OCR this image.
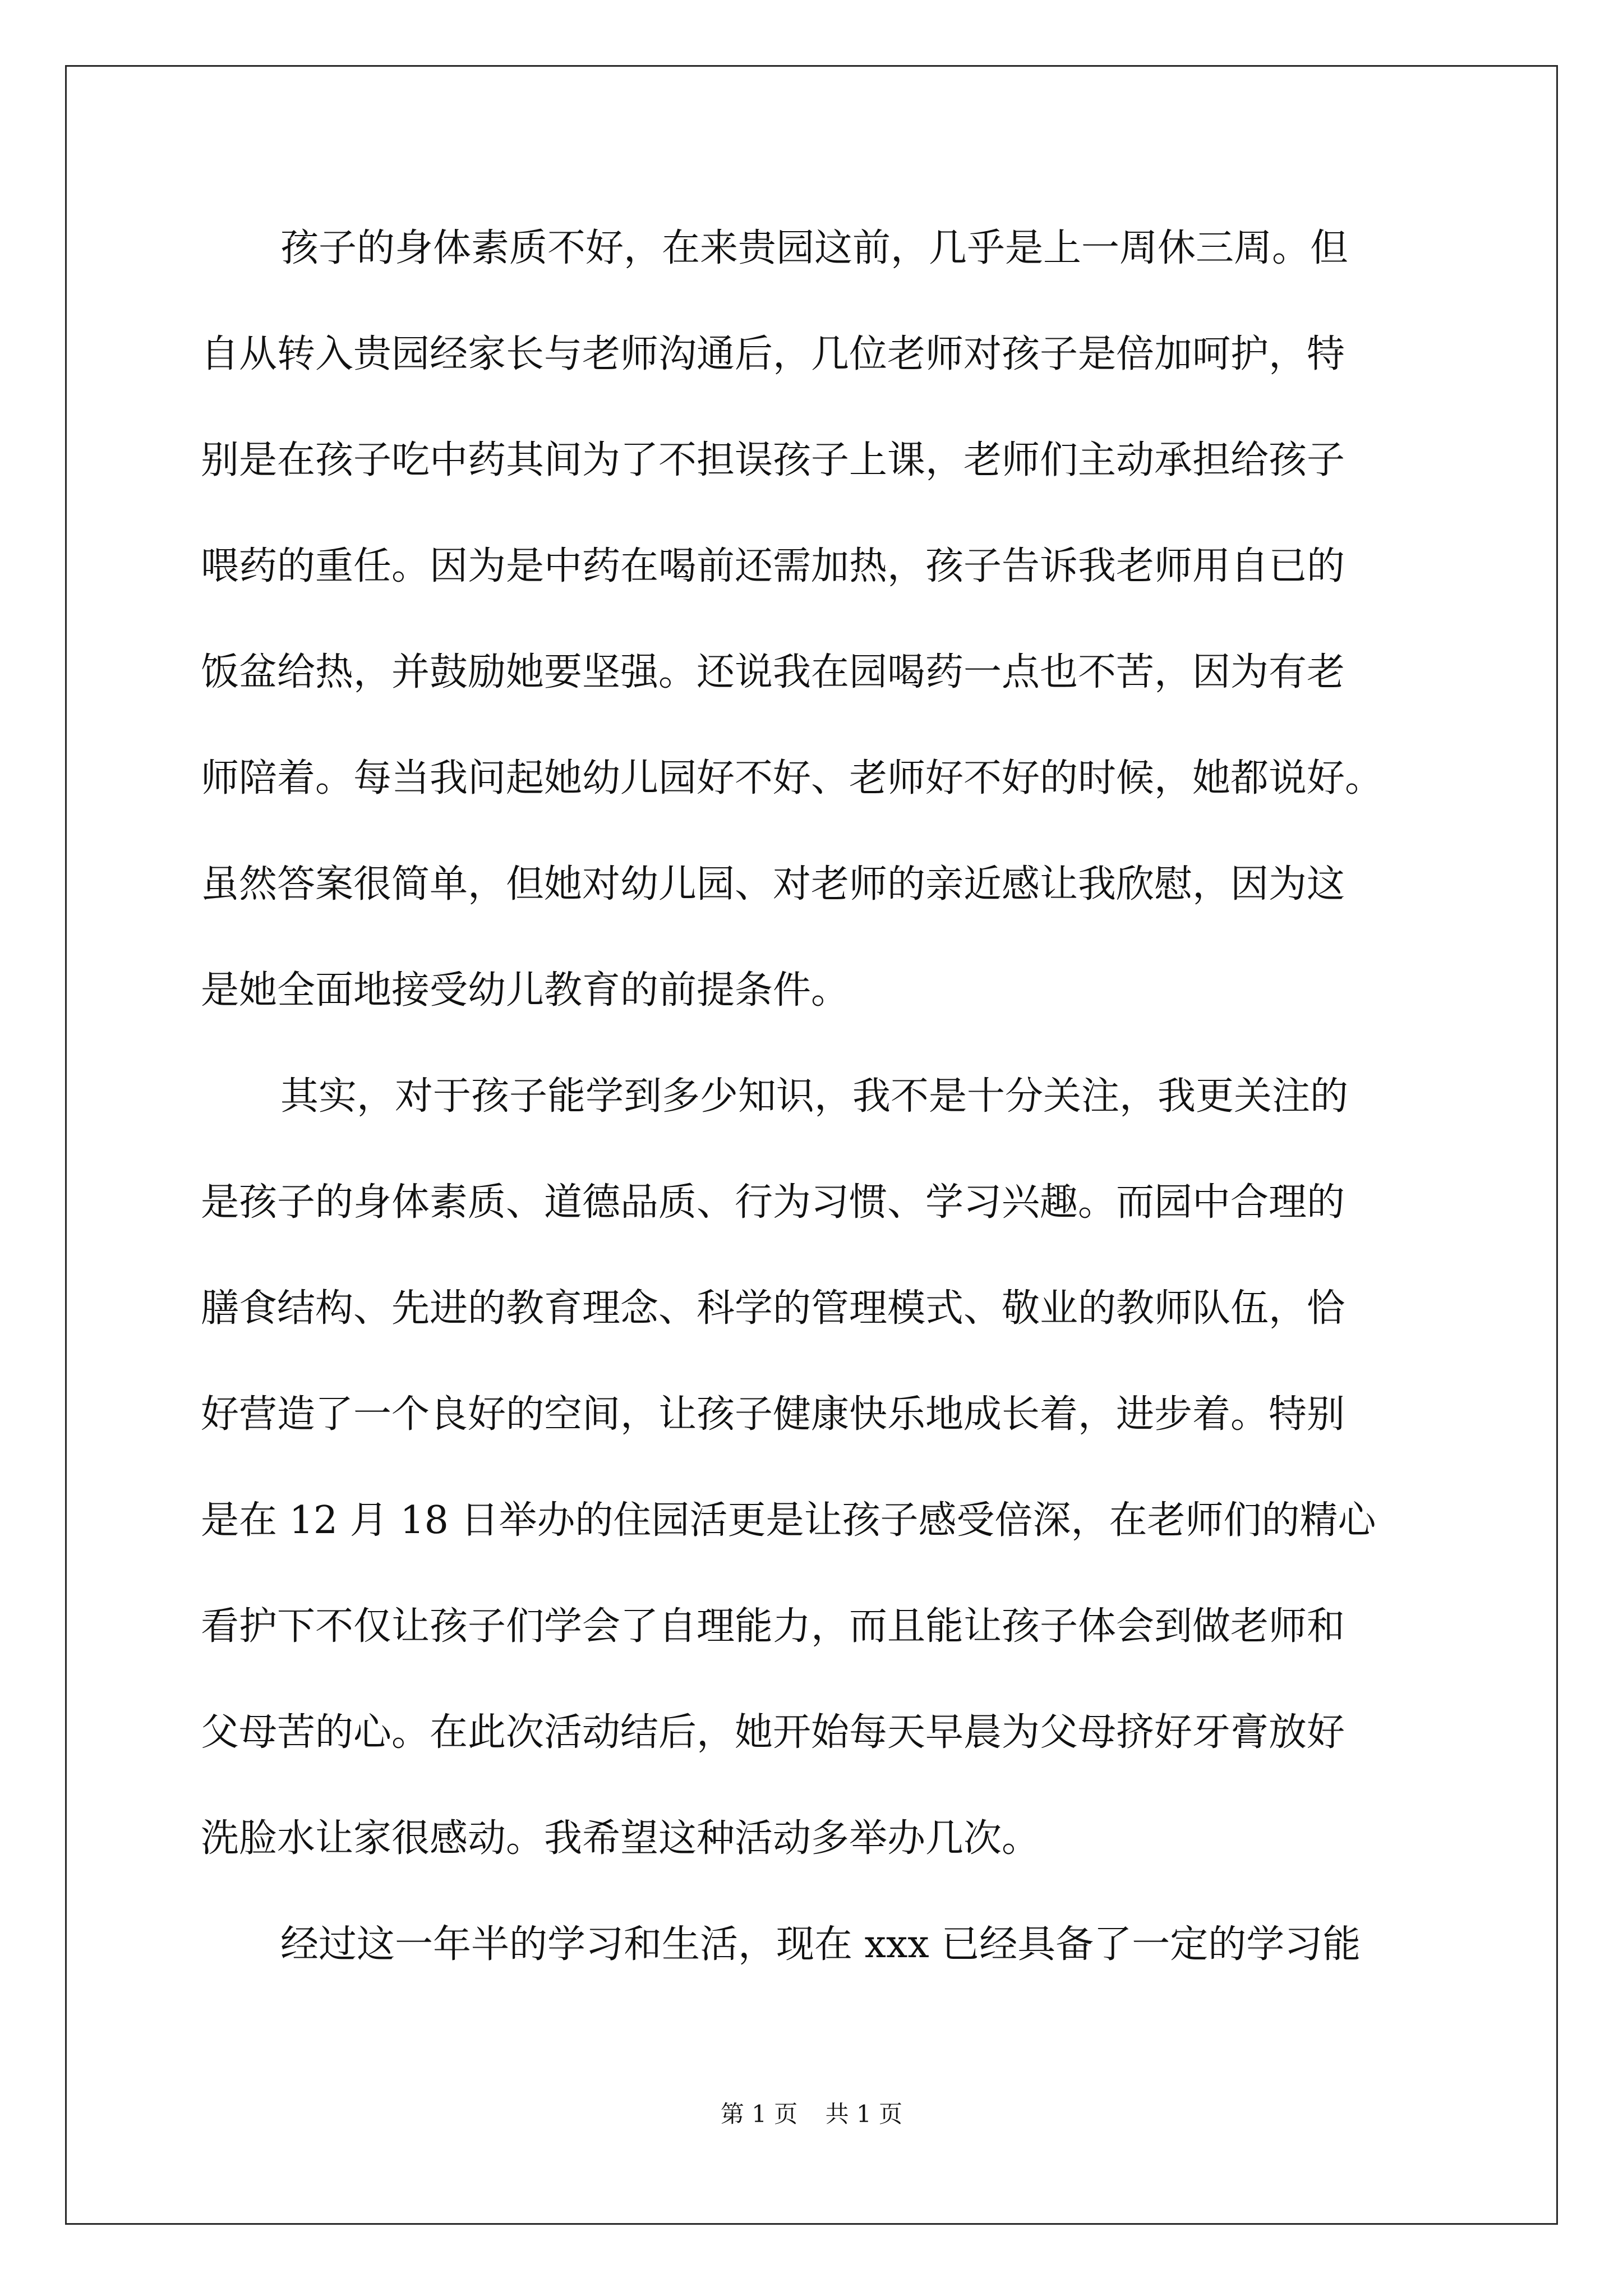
孩子的身体素质不好，在来贵园这前，几乎是上一周休三周。但
自从转入贵园经家长与老师沟通后，几位老师对孩子是倍加呵护，特
别是在孩子吃中药其间为了不担误孩子上课，老师们主动承担给孩子
喂药的重任。因为是中药在喝前还需加热，孩子告诉我老师用自已的
饭盆给热，并鼓励她要坚强。还说我在园喝药一点也不苦，因为有老
师陪着。每当我问起她幼儿园好不好、老师好不好的时候，她都说好。
虽然答案很简单，但她对幼儿园、对老师的亲近感让我欣慰，因为这
是她全面地接受幼儿教育的前提条件。
其实，对于孩子能学到多少知识，我不是十分关注，我更关注的
是孩子的身体素质、道德品质、行为习惯、学习兴趣。而园中合理的
膳食结构、先进的教育理念、科学的管理模式、敬业的教师队伍，恰
好营造了一个良好的空间，让孩子健康快乐地成长着，进步着。特别
是在 12 月 18 日举办的住园活更是让孩子感受倍深，在老师们的精心
看护下不仅让孩子们学会了自理能力，而且能让孩子体会到做老师和
父母苦的心。在此次活动结后，她开始每天早晨为父母挤好牙膏放好
洗脸水让家很感动。我希望这种活动多举办几次。
经过这一年半的学习和生活，现在 xxx 已经具备了一定的学习能
第 1 页 共 1 页
